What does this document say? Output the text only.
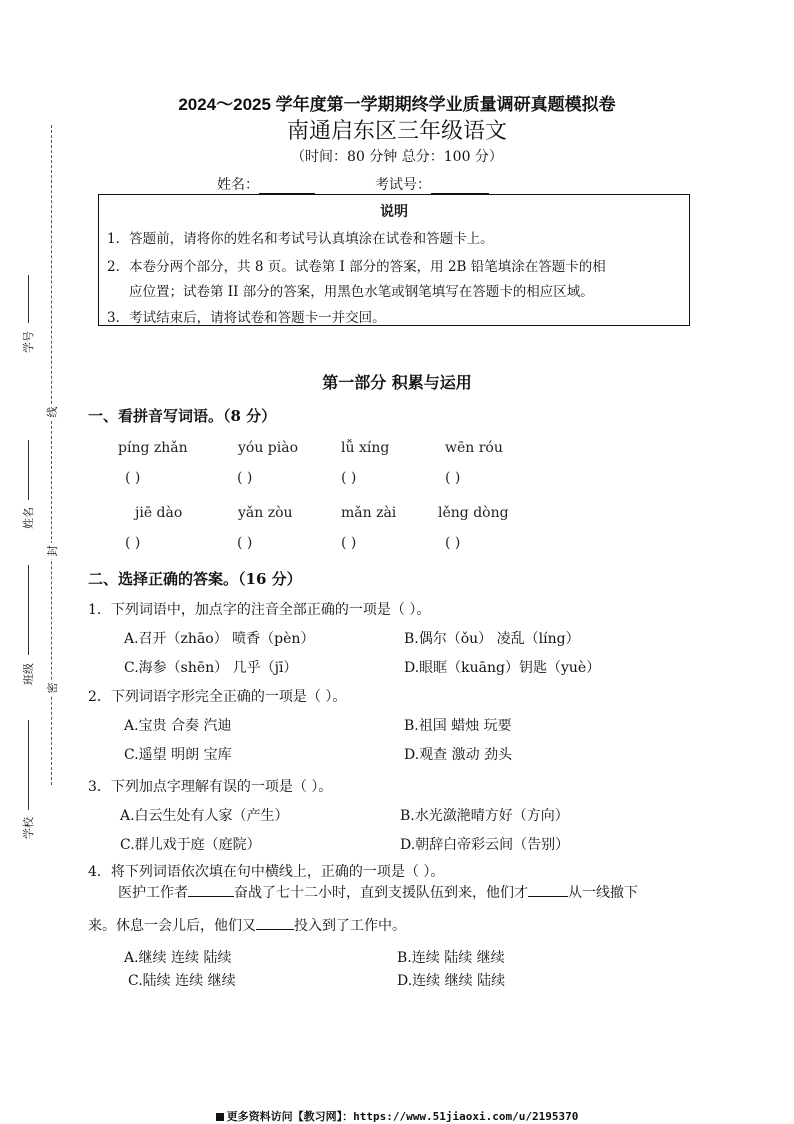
学号
姓名
班级
学校
线
封
密
2024～2025 学年度第一学期期终学业质量调研真题模拟卷
南通启东区三年级语文
（时间：80 分钟 总分：100 分）
姓名：	考试号：
说明
1．答题前，请将你的姓名和考试号认真填涂在试卷和答题卡上。
2．本卷分两个部分，共 8 页。试卷第 I 部分的答案，用 2B 铅笔填涂在答题卡的相
应位置；试卷第 II 部分的答案，用黑色水笔或钢笔填写在答题卡的相应区域。
3．考试结束后，请将试卷和答题卡一并交回。
第一部分 积累与运用
一、看拼音写词语。（8 分）
píng zhǎn	yóu piào	lǚ xíng	wēn róu
( )	( )	( )	( )
jiē dào	yǎn zòu	mǎn zài	lěng dòng
( )	( )	( )	( )
二、选择正确的答案。（16 分）
1．下列词语中，加点字的注音全部正确的一项是（ ）。
A.召开（zhāo） 喷香（pèn）	B.偶尔（ǒu） 凌乱（líng）
C.海参（shēn） 几乎（jī）	D.眼眶（kuāng）钥匙（yuè）
2．下列词语字形完全正确的一项是（ ）。
A.宝贵 合奏 汽迪	B.祖国 蜡烛 玩要
C.遥望 明朗 宝库	D.观查 激动 劲头
3．下列加点字理解有误的一项是（ ）。
A.白云生处有人家（产生）	B.水光潋滟晴方好（方向）
C.群儿戏于庭（庭院）	D.朝辞白帝彩云间（告别）
4．将下列词语依次填在句中横线上，正确的一项是（ ）。
医护工作者	奋战了七十二小时，直到支援队伍到来，他们才	从一线撤下
来。休息一会儿后，他们又	投入到了工作中。
A.继续 连续 陆续	B.连续 陆续 继续
C.陆续 连续 继续	D.连续 继续 陆续
更多资料访问【教习网】：https://www.51jiaoxi.com/u/2195370
